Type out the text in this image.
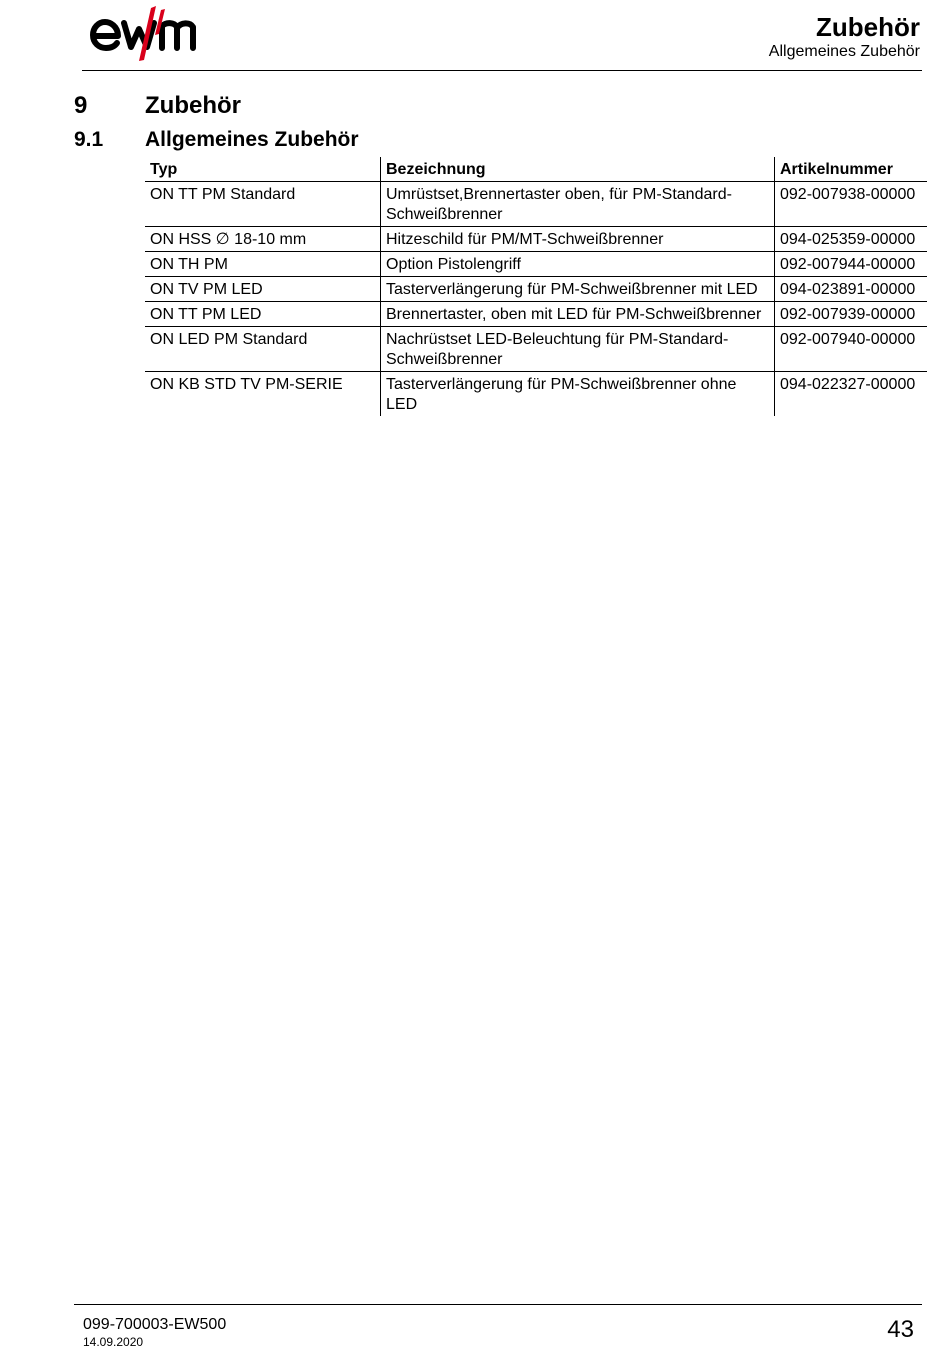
Zubehör
Allgemeines Zubehör
9 Zubehör
9.1 Allgemeines Zubehör
Typ	Bezeichnung	Artikelnummer
ON TT PM Standard	Umrüstset,Brennertaster oben, für PM-Standard-Schweißbrenner	092-007938-00000
ON HSS ∅ 18-10 mm	Hitzeschild für PM/MT-Schweißbrenner	094-025359-00000
ON TH PM	Option Pistolengriff	092-007944-00000
ON TV PM LED	Tasterverlängerung für PM-Schweißbrenner mit LED	094-023891-00000
ON TT PM LED	Brennertaster, oben mit LED für PM-Schweißbrenner	092-007939-00000
ON LED PM Standard	Nachrüstset LED-Beleuchtung für PM-Standard-Schweißbrenner	092-007940-00000
ON KB STD TV PM-SERIE	Tasterverlängerung für PM-Schweißbrenner ohne LED	094-022327-00000
099-700003-EW500
14.09.2020	43
